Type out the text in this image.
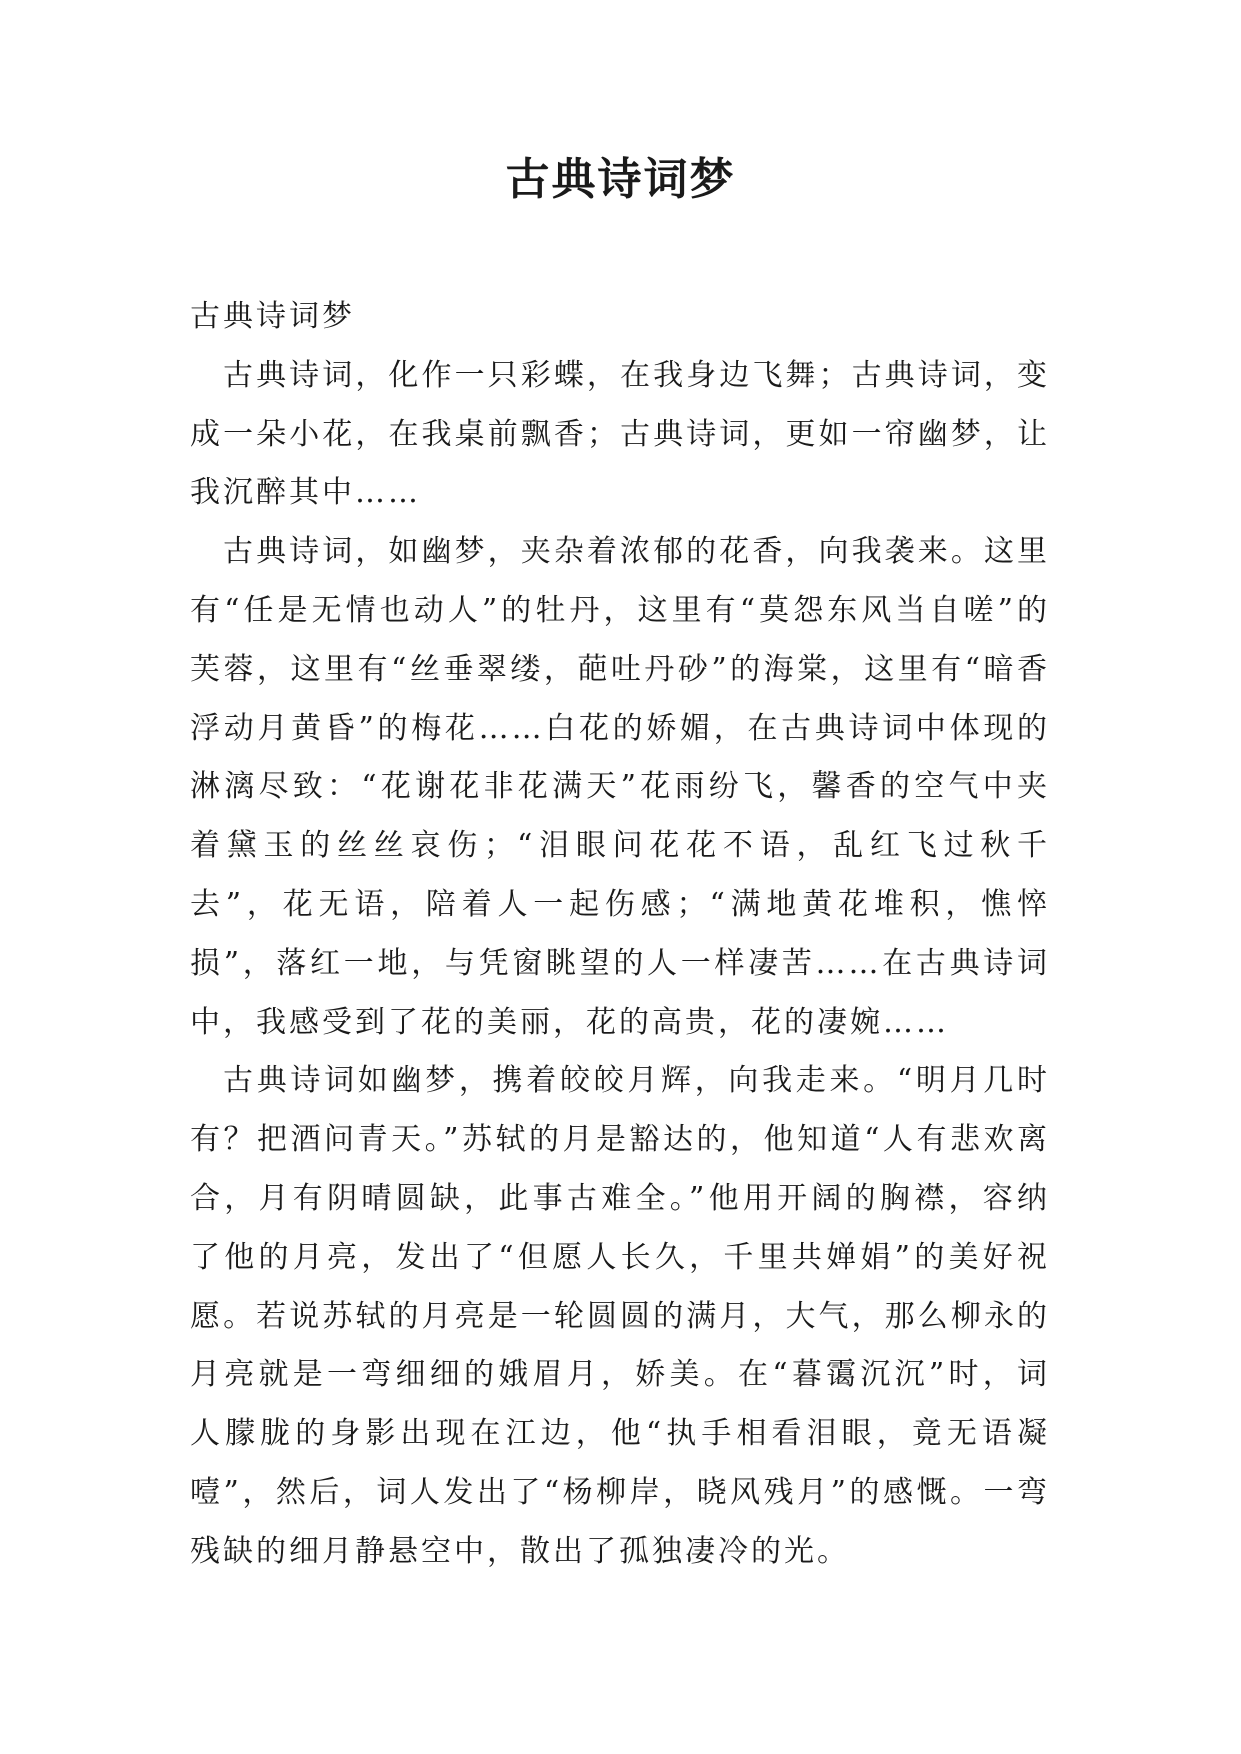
古典诗词梦

古典诗词梦

古典诗词，化作一只彩蝶，在我身边飞舞；古典诗词，变成一朵小花，在我桌前飘香；古典诗词，更如一帘幽梦，让我沉醉其中……

古典诗词，如幽梦，夹杂着浓郁的花香，向我袭来。这里有“任是无情也动人”的牡丹，这里有“莫怨东风当自嗟”的芙蓉，这里有“丝垂翠缕，葩吐丹砂”的海棠，这里有“暗香浮动月黄昏”的梅花……白花的娇媚，在古典诗词中体现的淋漓尽致：“花谢花非花满天”花雨纷飞，馨香的空气中夹着黛玉的丝丝哀伤；“泪眼问花花不语，乱红飞过秋千去”，花无语，陪着人一起伤感；“满地黄花堆积，憔悴损”，落红一地，与凭窗眺望的人一样凄苦……在古典诗词中，我感受到了花的美丽，花的高贵，花的凄婉……

古典诗词如幽梦，携着皎皎月辉，向我走来。“明月几时有？把酒问青天。”苏轼的月是豁达的，他知道“人有悲欢离合，月有阴晴圆缺，此事古难全。”他用开阔的胸襟，容纳了他的月亮，发出了“但愿人长久，千里共婵娟”的美好祝愿。若说苏轼的月亮是一轮圆圆的满月，大气，那么柳永的月亮就是一弯细细的娥眉月，娇美。在“暮霭沉沉”时，词人朦胧的身影出现在江边，他“执手相看泪眼，竟无语凝噎”，然后，词人发出了“杨柳岸，晓风残月”的感慨。一弯残缺的细月静悬空中，散出了孤独凄冷的光。
